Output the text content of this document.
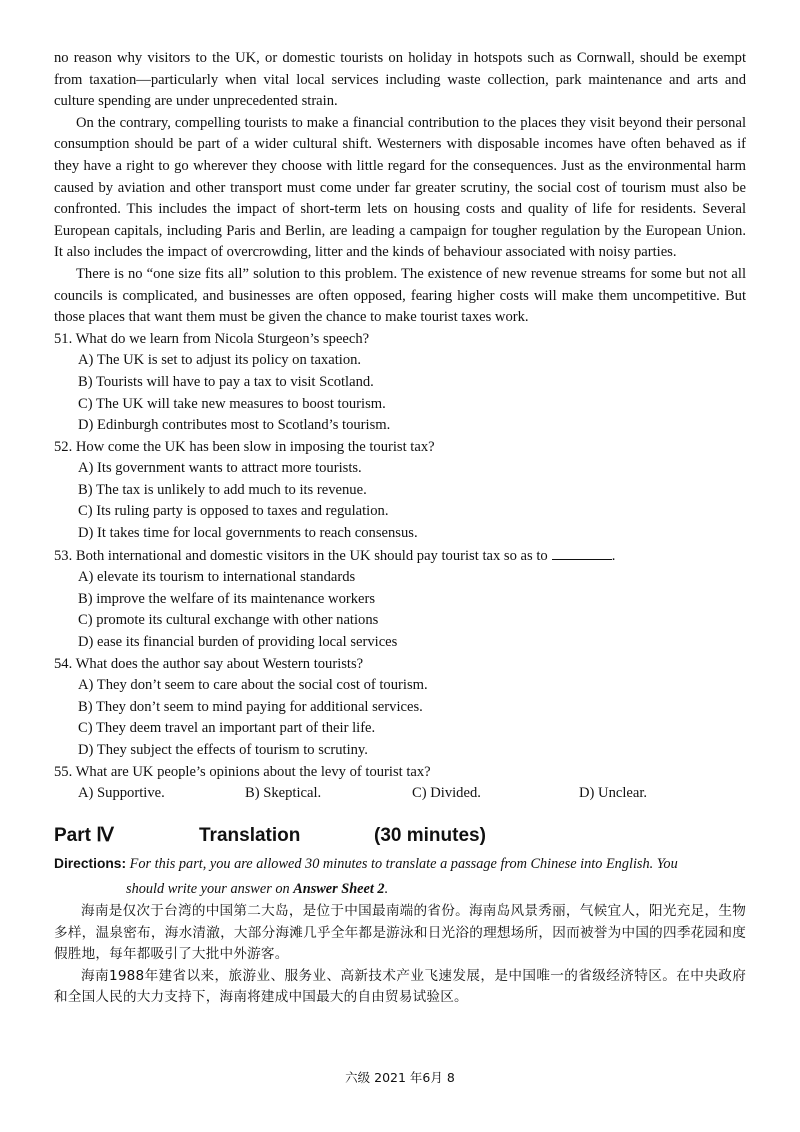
no reason why visitors to the UK, or domestic tourists on holiday in hotspots such as Cornwall, should be exempt from taxation—particularly when vital local services including waste collection, park maintenance and arts and culture spending are under unprecedented strain.

On the contrary, compelling tourists to make a financial contribution to the places they visit beyond their personal consumption should be part of a wider cultural shift. Westerners with disposable incomes have often behaved as if they have a right to go wherever they choose with little regard for the consequences. Just as the environmental harm caused by aviation and other transport must come under far greater scrutiny, the social cost of tourism must also be confronted. This includes the impact of short-term lets on housing costs and quality of life for residents. Several European capitals, including Paris and Berlin, are leading a campaign for tougher regulation by the European Union. It also includes the impact of overcrowding, litter and the kinds of behaviour associated with noisy parties.

There is no “one size fits all” solution to this problem. The existence of new revenue streams for some but not all councils is complicated, and businesses are often opposed, fearing higher costs will make them uncompetitive. But those places that want them must be given the chance to make tourist taxes work.

51. What do we learn from Nicola Sturgeon’s speech?

A) The UK is set to adjust its policy on taxation.

B) Tourists will have to pay a tax to visit Scotland.

C) The UK will take new measures to boost tourism.

D) Edinburgh contributes most to Scotland’s tourism.

52. How come the UK has been slow in imposing the tourist tax?

A) Its government wants to attract more tourists.

B) The tax is unlikely to add much to its revenue.

C) Its ruling party is opposed to taxes and regulation.

D) It takes time for local governments to reach consensus.

53. Both international and domestic visitors in the UK should pay tourist tax so as to	.

A) elevate its tourism to international standards

B) improve the welfare of its maintenance workers

C) promote its cultural exchange with other nations

D) ease its financial burden of providing local services

54. What does the author say about Western tourists?

A) They don’t seem to care about the social cost of tourism.

B) They don’t seem to mind paying for additional services.

C) They deem travel an important part of their life.

D) They subject the effects of tourism to scrutiny.

55. What are UK people’s opinions about the levy of tourist tax?

A) Supportive.	B) Skeptical.	C) Divided.	D) Unclear.
Part Ⅳ	Translation	(30 minutes)

Directions: For this part, you are allowed 30 minutes to translate a passage from Chinese into English. You

should write your answer on Answer Sheet 2.

海南是仅次于台湾的中国第二大岛，是位于中国最南端的省份。海南岛风景秀丽，气候宜人，阳光充足，生物多样，温泉密布，海水清澈，大部分海滩几乎全年都是游泳和日光浴的理想场所，因而被誉为中国的四季花园和度假胜地，每年都吸引了大批中外游客。

海南1988年建省以来，旅游业、服务业、高新技术产业飞速发展，是中国唯一的省级经济特区。在中央政府和全国人民的大力支持下，海南将建成中国最大的自由贸易试验区。

六级 2021 年6月 8
